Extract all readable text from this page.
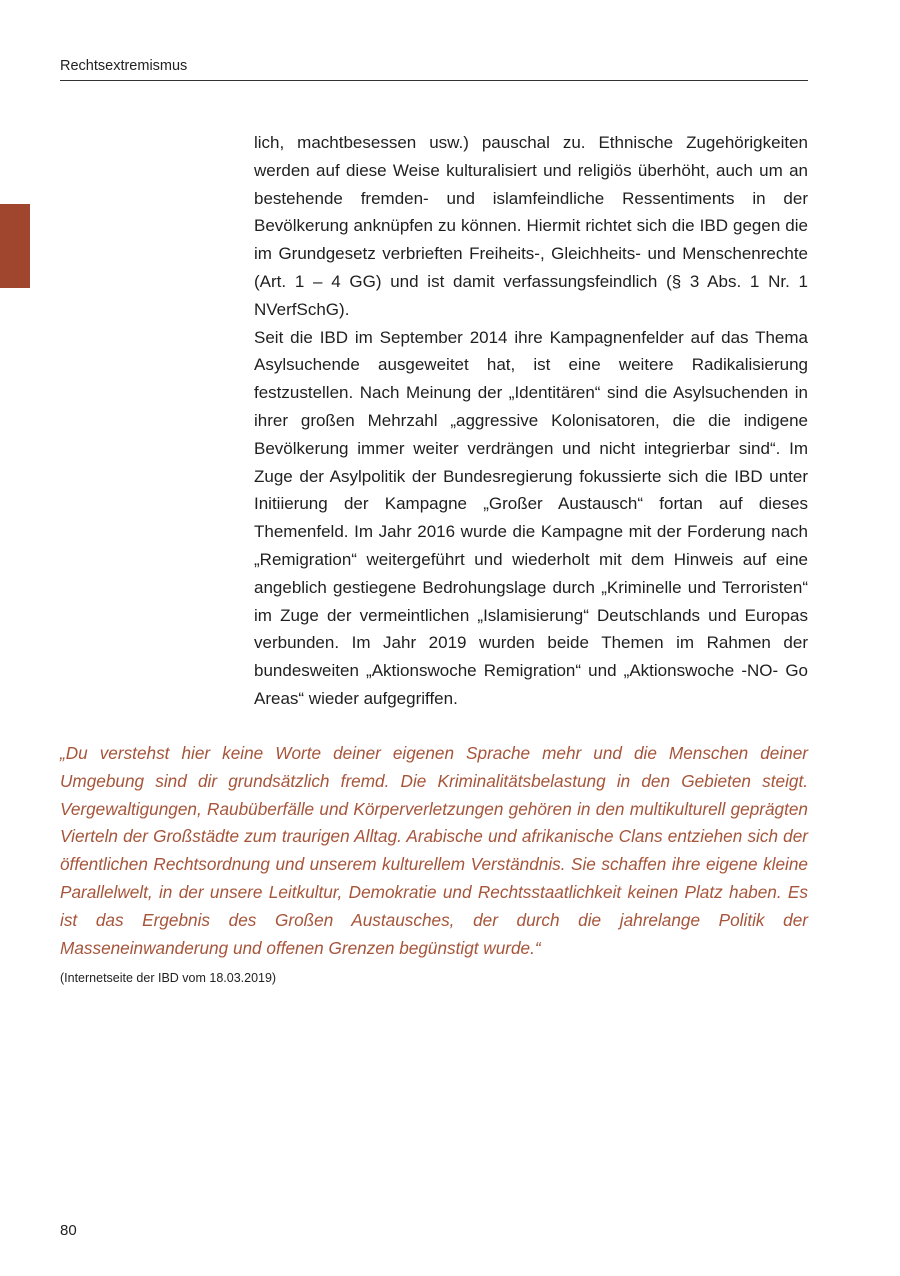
Rechtsextremismus

lich, machtbesessen usw.) pauschal zu. Ethnische Zugehörigkeiten werden auf diese Weise kulturalisiert und religiös überhöht, auch um an bestehende fremden- und islamfeindliche Ressentiments in der Bevölkerung anknüpfen zu können. Hiermit richtet sich die IBD gegen die im Grundgesetz verbrieften Freiheits-, Gleichheits- und Menschenrechte (Art. 1 – 4 GG) und ist damit verfassungsfeindlich (§ 3 Abs. 1 Nr. 1 NVerfSchG).

Seit die IBD im September 2014 ihre Kampagnenfelder auf das Thema Asylsuchende ausgeweitet hat, ist eine weitere Radikalisierung festzustellen. Nach Meinung der „Identitären“ sind die Asylsuchenden in ihrer großen Mehrzahl „aggressive Kolonisatoren, die die indigene Bevölkerung immer weiter verdrängen und nicht integrierbar sind“. Im Zuge der Asylpolitik der Bundesregierung fokussierte sich die IBD unter Initiierung der Kampagne „Großer Austausch“ fortan auf dieses Themenfeld. Im Jahr 2016 wurde die Kampagne mit der Forderung nach „Remigration“ weitergeführt und wiederholt mit dem Hinweis auf eine angeblich gestiegene Bedrohungslage durch „Kriminelle und Terroristen“ im Zuge der vermeintlichen „Islamisierung“ Deutschlands und Europas verbunden. Im Jahr 2019 wurden beide Themen im Rahmen der bundesweiten „Aktionswoche Remigration“ und „Aktionswoche -NO- Go Areas“ wieder aufgegriffen.

„Du verstehst hier keine Worte deiner eigenen Sprache mehr und die Menschen deiner Umgebung sind dir grundsätzlich fremd. Die Kriminalitätsbelastung in den Gebieten steigt. Vergewaltigungen, Raubüberfälle und Körperverletzungen gehören in den multikulturell geprägten Vierteln der Großstädte zum traurigen Alltag. Arabische und afrikanische Clans entziehen sich der öffentlichen Rechtsordnung und unserem kulturellem Verständnis. Sie schaffen ihre eigene kleine Parallelwelt, in der unsere Leitkultur, Demokratie und Rechtsstaatlichkeit keinen Platz haben. Es ist das Ergebnis des Großen Austausches, der durch die jahrelange Politik der Masseneinwanderung und offenen Grenzen begünstigt wurde.“

(Internetseite der IBD vom 18.03.2019)
80
